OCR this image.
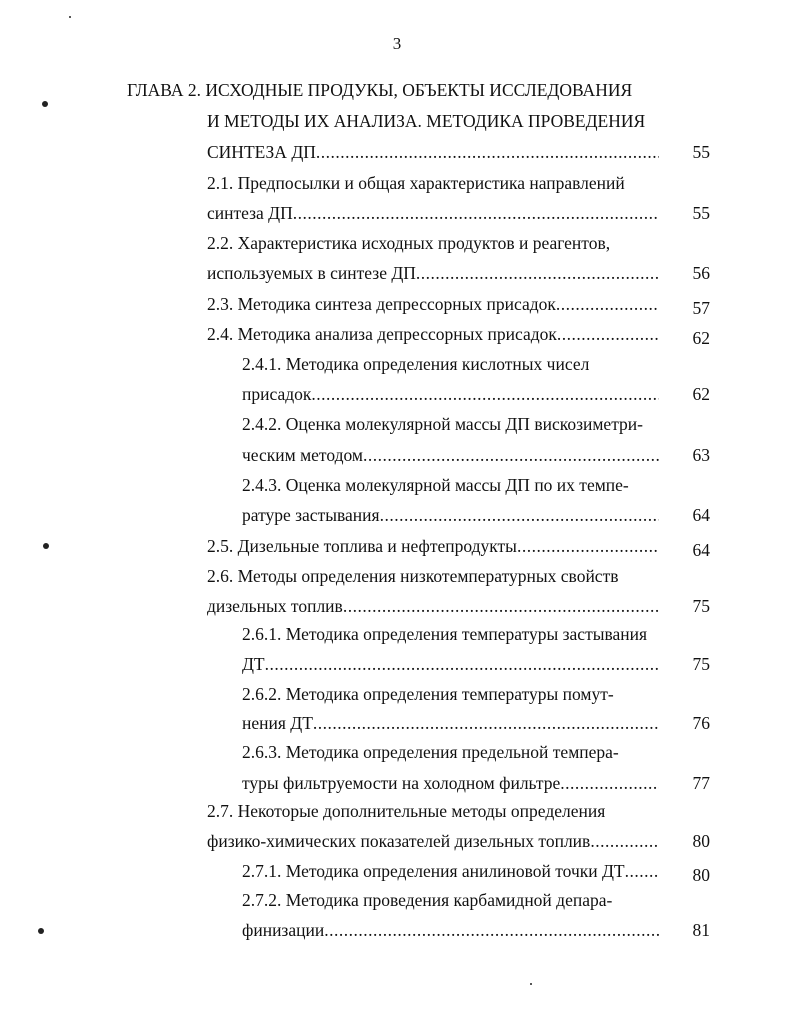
3
ГЛАВА 2. ИСХОДНЫЕ ПРОДУКЫ, ОБЪЕКТЫ ИССЛЕДОВАНИЯ
И МЕТОДЫ ИХ АНАЛИЗА. МЕТОДИКА ПРОВЕДЕНИЯ
СИНТЕЗА ДП .....	55
2.1. Предпосылки и общая характеристика направлений
синтеза ДП .....	55
2.2. Характеристика исходных продуктов и реагентов,
используемых в синтезе ДП .....	56
2.3. Методика синтеза депрессорных присадок .....	57
2.4. Методика анализа депрессорных присадок .....	62
2.4.1. Методика определения кислотных чисел
присадок .....	62
2.4.2. Оценка молекулярной массы ДП вискозиметри-
ческим методом .....	63
2.4.3. Оценка молекулярной массы ДП по их темпе-
ратуре застывания .....	64
2.5. Дизельные топлива и нефтепродукты .....	64
2.6. Методы определения низкотемпературных свойств
дизельных топлив .....	75
2.6.1. Методика определения температуры застывания
ДТ .....	75
2.6.2. Методика определения температуры помут-
нения ДТ .....	76
2.6.3. Методика определения предельной темпера-
туры фильтруемости на холодном фильтре .....	77
2.7. Некоторые дополнительные методы определения
физико-химических показателей дизельных топлив .....	80
2.7.1. Методика определения анилиновой точки ДТ .....	80
2.7.2. Методика проведения карбамидной депара-
финизации .....	81
